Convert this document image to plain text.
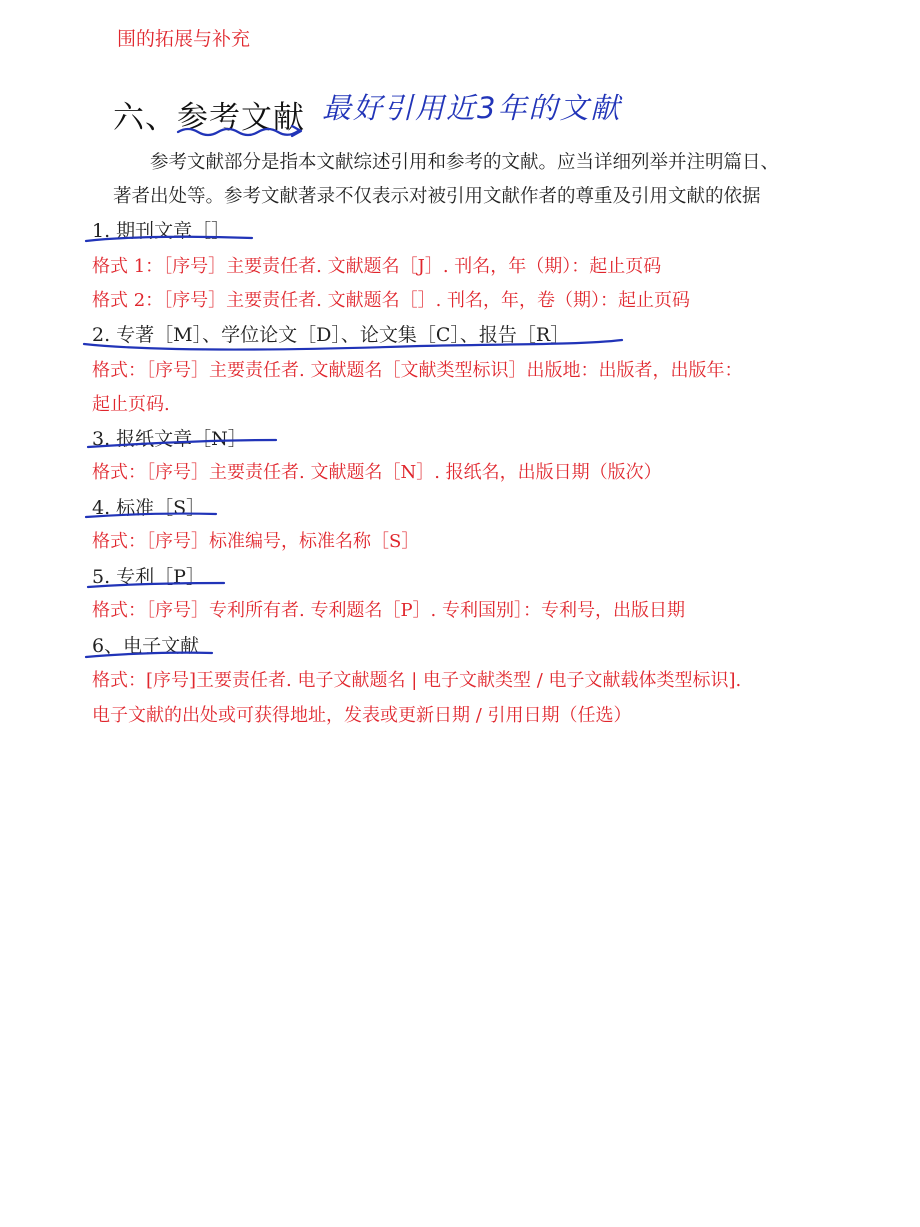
围的拓展与补充
六、参考文献 最好引用近3年的文献
参考文献部分是指本文献综述引用和参考的文献。应当详细列举并注明篇日、
著者出处等。参考文献著录不仅表示对被引用文献作者的尊重及引用文献的依据
1. 期刊文章［］
格式 1：［序号］主要责任者. 文献题名［J］. 刊名，年（期）：起止页码
格式 2：［序号］主要责任者. 文献题名［］. 刊名，年，卷（期）：起止页码
2. 专著［M］、学位论文［D］、论文集［C］、报告［R］
格式：［序号］主要责任者. 文献题名［文献类型标识］出版地：出版者，出版年：
起止页码.
3. 报纸文章［N］
格式：［序号］主要责任者. 文献题名［N］. 报纸名，出版日期（版次）
4. 标准［S］
格式：［序号］标准编号，标准名称［S］
5. 专利［P］
格式：［序号］专利所有者. 专利题名［P］. 专利国别］：专利号，出版日期
6、电子文献
格式：[序号]王要责任者. 电子文献题名 | 电子文献类型 / 电子文献载体类型标识].
电子文献的出处或可获得地址，发表或更新日期 / 引用日期（任选）
